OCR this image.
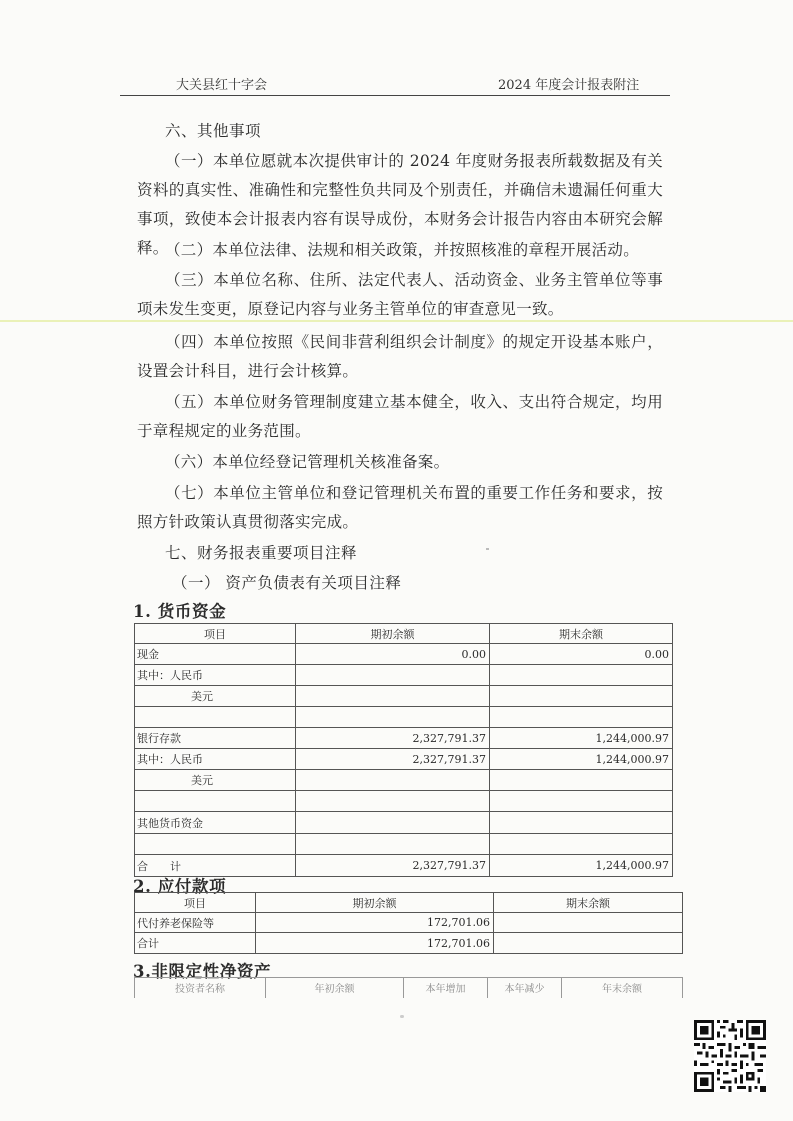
大关县红十字会	2024 年度会计报表附注
六、其他事项
（一）本单位愿就本次提供审计的 2024 年度财务报表所载数据及有关资料的真实性、准确性和完整性负共同及个别责任，并确信未遗漏任何重大事项，致使本会计报表内容有误导成份，本财务会计报告内容由本研究会解释。
（二）本单位法律、法规和相关政策，并按照核准的章程开展活动。
（三）本单位名称、住所、法定代表人、活动资金、业务主管单位等事项未发生变更，原登记内容与业务主管单位的审查意见一致。
（四）本单位按照《民间非营利组织会计制度》的规定开设基本账户，设置会计科目，进行会计核算。
（五）本单位财务管理制度建立基本健全，收入、支出符合规定，均用于章程规定的业务范围。
（六）本单位经登记管理机关核准备案。
（七）本单位主管单位和登记管理机关布置的重要工作任务和要求，按照方针政策认真贯彻落实完成。
七、财务报表重要项目注释
（一） 资产负债表有关项目注释
1. 货币资金
项目	期初余额	期末余额
现金	0.00	0.00
其中：人民币		
美元		

银行存款	2,327,791.37	1,244,000.97
其中：人民币	2,327,791.37	1,244,000.97
美元		

其他货币资金		

合　　计	2,327,791.37	1,244,000.97
2. 应付款项
项目	期初余额	期末余额
代付养老保险等	172,701.06	
合计	172,701.06	
3.非限定性净资产
投资者名称	年初余额	本年增加	本年减少	年末余额
